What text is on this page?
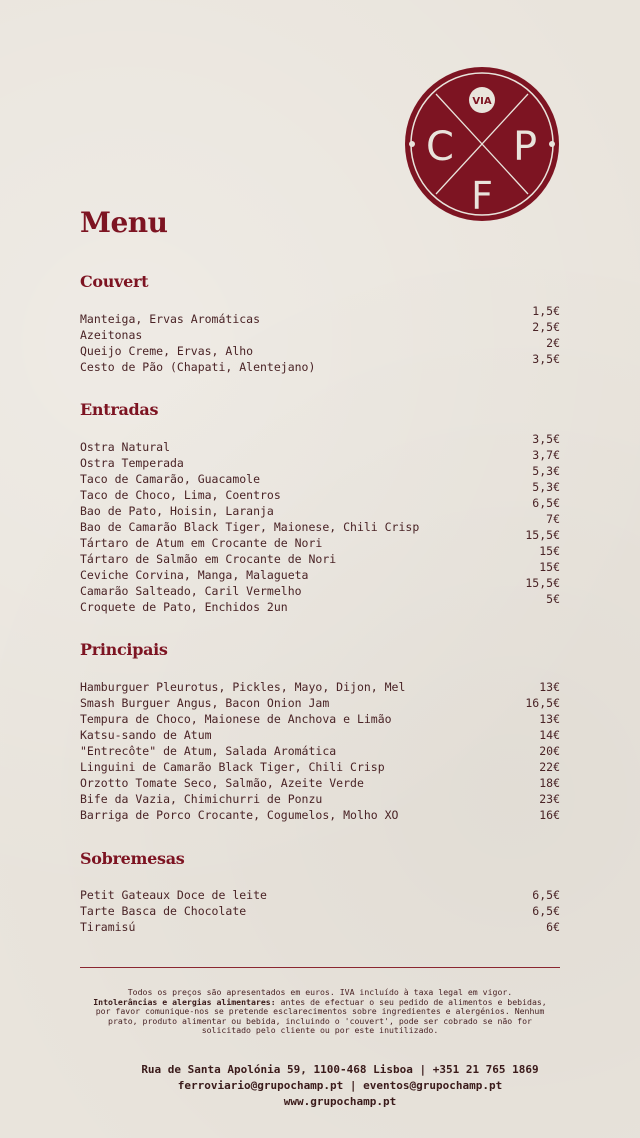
VIA
C P
F
Menu
Couvert
Manteiga, Ervas Aromáticas
1,5€
Azeitonas
2,5€
Queijo Creme, Ervas, Alho
2€
Cesto de Pão (Chapati, Alentejano)
3,5€
Entradas
Ostra Natural
3,5€
Ostra Temperada
3,7€
Taco de Camarão, Guacamole
5,3€
Taco de Choco, Lima, Coentros
5,3€
Bao de Pato, Hoisin, Laranja
6,5€
Bao de Camarão Black Tiger, Maionese, Chili Crisp
7€
Tártaro de Atum em Crocante de Nori
15,5€
Tártaro de Salmão em Crocante de Nori
15€
Ceviche Corvina, Manga, Malagueta
15€
Camarão Salteado, Caril Vermelho
15,5€
Croquete de Pato, Enchidos 2un
5€
Principais
Hamburguer Pleurotus, Pickles, Mayo, Dijon, Mel	13€
Smash Burguer Angus, Bacon Onion Jam	16,5€
Tempura de Choco, Maionese de Anchova e Limão	13€
Katsu-sando de Atum	14€
"Entrecôte" de Atum, Salada Aromática	20€
Linguini de Camarão Black Tiger, Chili Crisp	22€
Orzotto Tomate Seco, Salmão, Azeite Verde	18€
Bife da Vazia, Chimichurri de Ponzu	23€
Barriga de Porco Crocante, Cogumelos, Molho XO	16€
Sobremesas
Petit Gateaux Doce de leite	6,5€
Tarte Basca de Chocolate	6,5€
Tiramisú	6€
Todos os preços são apresentados em euros. IVA incluído à taxa legal em vigor.
Intolerâncias e alergias alimentares: antes de efectuar o seu pedido de alimentos e bebidas, por favor comunique-nos se pretende esclarecimentos sobre ingredientes e alergénios. Nenhum prato, produto alimentar ou bebida, incluindo o 'couvert', pode ser cobrado se não for solicitado pelo cliente ou por este inutilizado.
Rua de Santa Apolónia 59, 1100-468 Lisboa | +351 21 765 1869
ferroviario@grupochamp.pt | eventos@grupochamp.pt
www.grupochamp.pt
